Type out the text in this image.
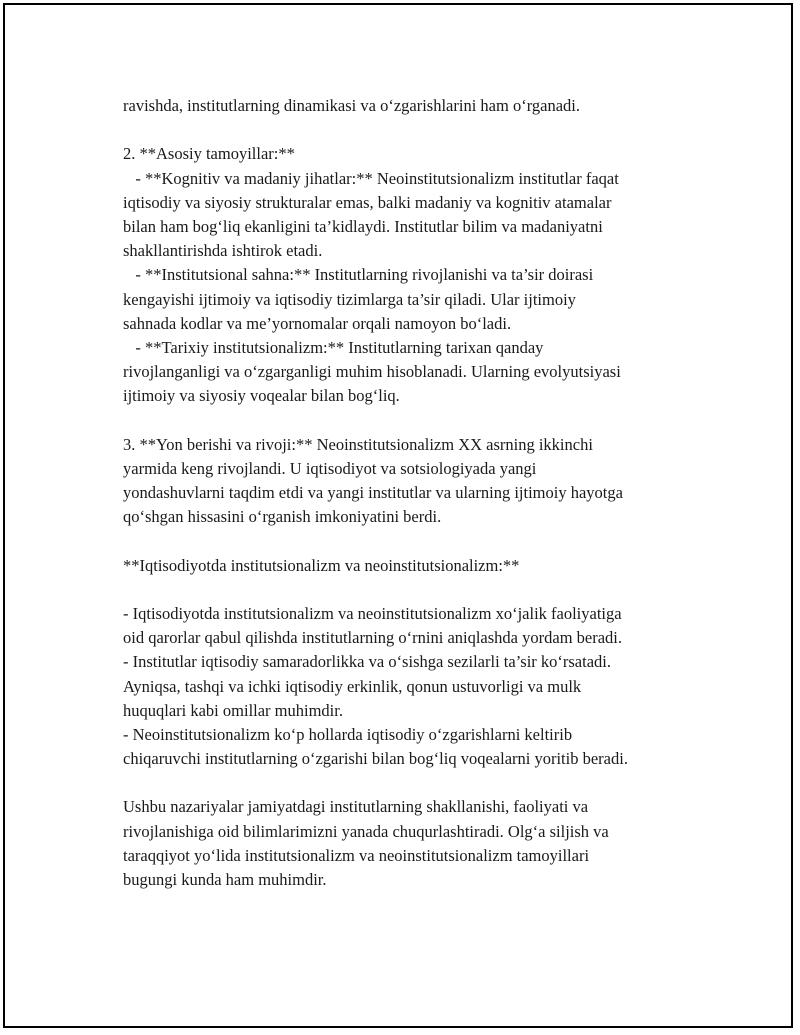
ravishda, institutlarning dinamikasi va o‘zgarishlarini ham o‘rganadi.
2. **Asosiy tamoyillar:**
- **Kognitiv va madaniy jihatlar:** Neoinstitutsionalizm institutlar faqat
iqtisodiy va siyosiy strukturalar emas, balki madaniy va kognitiv atamalar
bilan ham bog‘liq ekanligini ta’kidlaydi. Institutlar bilim va madaniyatni
shakllantirishda ishtirok etadi.
- **Institutsional sahna:** Institutlarning rivojlanishi va ta’sir doirasi
kengayishi ijtimoiy va iqtisodiy tizimlarga ta’sir qiladi. Ular ijtimoiy
sahnada kodlar va me’yornomalar orqali namoyon bo‘ladi.
- **Tarixiy institutsionalizm:** Institutlarning tarixan qanday
rivojlanganligi va o‘zgarganligi muhim hisoblanadi. Ularning evolyutsiyasi
ijtimoiy va siyosiy voqealar bilan bog‘liq.
3. **Yon berishi va rivoji:** Neoinstitutsionalizm XX asrning ikkinchi
yarmida keng rivojlandi. U iqtisodiyot va sotsiologiyada yangi
yondashuvlarni taqdim etdi va yangi institutlar va ularning ijtimoiy hayotga
qo‘shgan hissasini o‘rganish imkoniyatini berdi.
**Iqtisodiyotda institutsionalizm va neoinstitutsionalizm:**
- Iqtisodiyotda institutsionalizm va neoinstitutsionalizm xo‘jalik faoliyatiga
oid qarorlar qabul qilishda institutlarning o‘rnini aniqlashda yordam beradi.
- Institutlar iqtisodiy samaradorlikka va o‘sishga sezilarli ta’sir ko‘rsatadi.
Ayniqsa, tashqi va ichki iqtisodiy erkinlik, qonun ustuvorligi va mulk
huquqlari kabi omillar muhimdir.
- Neoinstitutsionalizm ko‘p hollarda iqtisodiy o‘zgarishlarni keltirib
chiqaruvchi institutlarning o‘zgarishi bilan bog‘liq voqealarni yoritib beradi.
Ushbu nazariyalar jamiyatdagi institutlarning shakllanishi, faoliyati va
rivojlanishiga oid bilimlarimizni yanada chuqurlashtiradi. Olg‘a siljish va
taraqqiyot yo‘lida institutsionalizm va neoinstitutsionalizm tamoyillari
bugungi kunda ham muhimdir.
